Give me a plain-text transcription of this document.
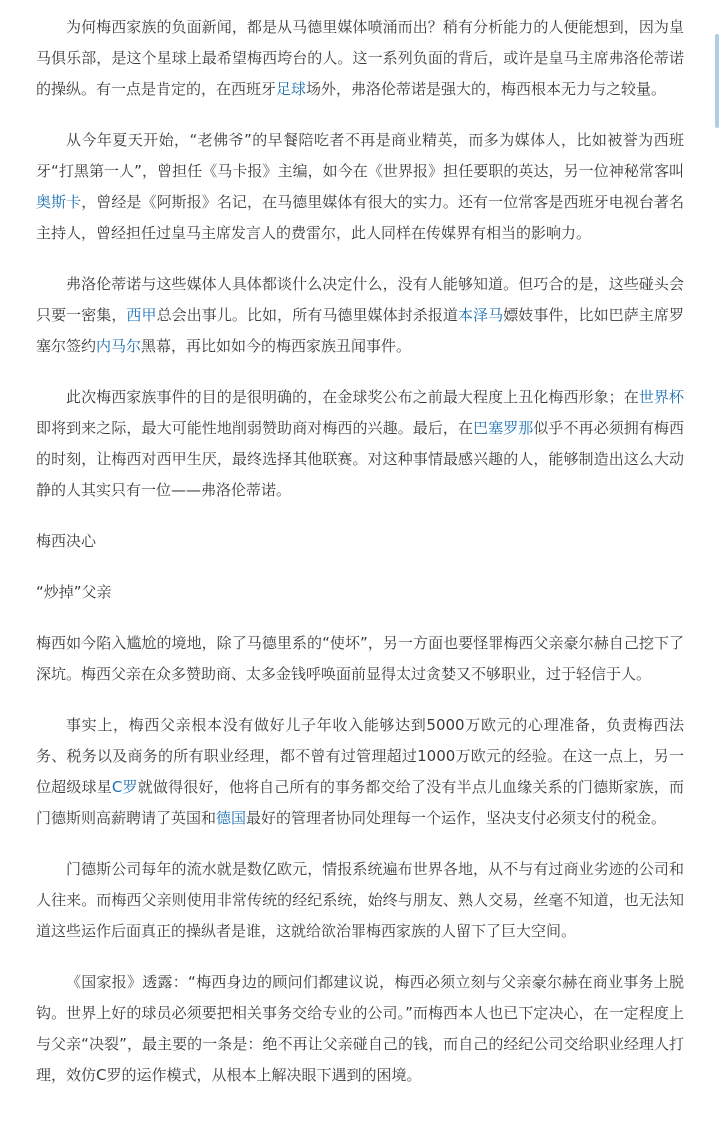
为何梅西家族的负面新闻，都是从马德里媒体喷涌而出？稍有分析能力的人便能想到，因为皇马俱乐部，是这个星球上最希望梅西垮台的人。这一系列负面的背后，或许是皇马主席弗洛伦蒂诺的操纵。有一点是肯定的，在西班牙足球场外，弗洛伦蒂诺是强大的，梅西根本无力与之较量。

从今年夏天开始，“老佛爷”的早餐陪吃者不再是商业精英，而多为媒体人，比如被誉为西班牙“打黑第一人”，曾担任《马卡报》主编，如今在《世界报》担任要职的英达，另一位神秘常客叫奥斯卡，曾经是《阿斯报》名记，在马德里媒体有很大的实力。还有一位常客是西班牙电视台著名主持人，曾经担任过皇马主席发言人的费雷尔，此人同样在传媒界有相当的影响力。

弗洛伦蒂诺与这些媒体人具体都谈什么决定什么，没有人能够知道。但巧合的是，这些碰头会只要一密集，西甲总会出事儿。比如，所有马德里媒体封杀报道本泽马嫖妓事件，比如巴萨主席罗塞尔签约内马尔黑幕，再比如如今的梅西家族丑闻事件。

此次梅西家族事件的目的是很明确的，在金球奖公布之前最大程度上丑化梅西形象；在世界杯即将到来之际，最大可能性地削弱赞助商对梅西的兴趣。最后，在巴塞罗那似乎不再必须拥有梅西的时刻，让梅西对西甲生厌，最终选择其他联赛。对这种事情最感兴趣的人，能够制造出这么大动静的人其实只有一位——弗洛伦蒂诺。

梅西决心

“炒掉”父亲

梅西如今陷入尴尬的境地，除了马德里系的“使坏”，另一方面也要怪罪梅西父亲豪尔赫自己挖下了深坑。梅西父亲在众多赞助商、太多金钱呼唤面前显得太过贪婪又不够职业，过于轻信于人。

事实上，梅西父亲根本没有做好儿子年收入能够达到5000万欧元的心理准备，负责梅西法务、税务以及商务的所有职业经理，都不曾有过管理超过1000万欧元的经验。在这一点上，另一位超级球星C罗就做得很好，他将自己所有的事务都交给了没有半点儿血缘关系的门德斯家族，而门德斯则高薪聘请了英国和德国最好的管理者协同处理每一个运作，坚决支付必须支付的税金。

门德斯公司每年的流水就是数亿欧元，情报系统遍布世界各地，从不与有过商业劣迹的公司和人往来。而梅西父亲则使用非常传统的经纪系统，始终与朋友、熟人交易，丝毫不知道，也无法知道这些运作后面真正的操纵者是谁，这就给欲治罪梅西家族的人留下了巨大空间。

《国家报》透露：“梅西身边的顾问们都建议说，梅西必须立刻与父亲豪尔赫在商业事务上脱钩。世界上好的球员必须要把相关事务交给专业的公司。”而梅西本人也已下定决心，在一定程度上与父亲“决裂”，最主要的一条是：绝不再让父亲碰自己的钱，而自己的经纪公司交给职业经理人打理，效仿C罗的运作模式，从根本上解决眼下遇到的困境。
